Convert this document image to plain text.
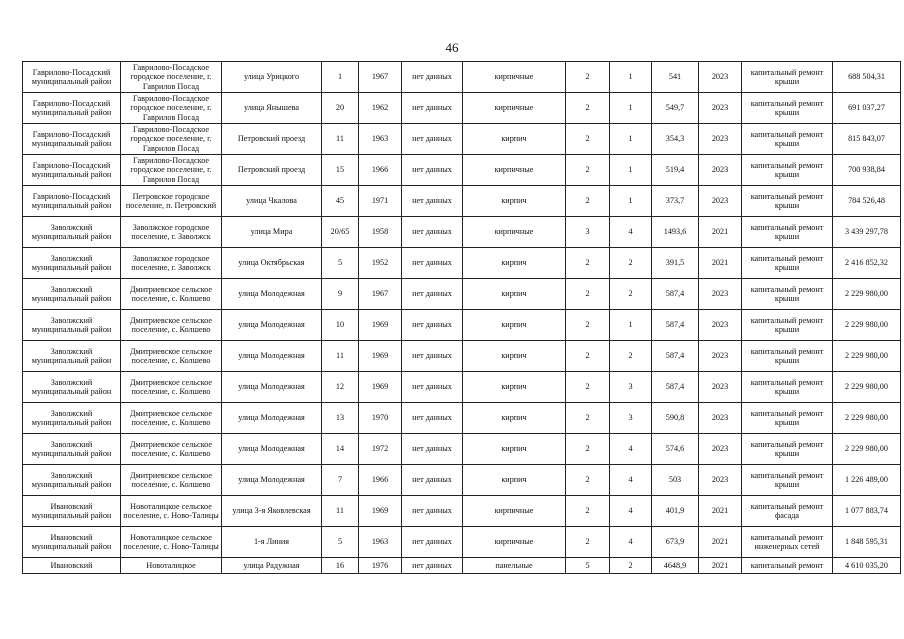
46
Гаврилово-Посадский муниципальный район	Гаврилово-Посадское городское поселение, г. Гаврилов Посад	улица Урицкого	1	1967	нет данных	кирпичные	2	1	541	2023	капитальный ремонт крыши	688 504,31
Гаврилово-Посадский муниципальный район	Гаврилово-Посадское городское поселение, г. Гаврилов Посад	улица Янышева	20	1962	нет данных	кирпичные	2	1	549,7	2023	капитальный ремонт крыши	691 037,27
Гаврилово-Посадский муниципальный район	Гаврилово-Посадское городское поселение, г. Гаврилов Посад	Петровский проезд	11	1963	нет данных	кирпич	2	1	354,3	2023	капитальный ремонт крыши	815 843,07
Гаврилово-Посадский муниципальный район	Гаврилово-Посадское городское поселение, г. Гаврилов Посад	Петровский проезд	15	1966	нет данных	кирпичные	2	1	519,4	2023	капитальный ремонт крыши	700 938,84
Гаврилово-Посадский муниципальный район	Петровское городское поселение, п. Петровский	улица Чкалова	45	1971	нет данных	кирпич	2	1	373,7	2023	капитальный ремонт крыши	784 526,48
Заволжский муниципальный район	Заволжское городское поселение, г. Заволжск	улица Мира	20/65	1958	нет данных	кирпичные	3	4	1493,6	2021	капитальный ремонт крыши	3 439 297,78
Заволжский муниципальный район	Заволжское городское поселение, г. Заволжск	улица Октябрьская	5	1952	нет данных	кирпич	2	2	391,5	2021	капитальный ремонт крыши	2 416 852,32
Заволжский муниципальный район	Дмитриевское сельское поселение, с. Колшево	улица Молодежная	9	1967	нет данных	кирпич	2	2	587,4	2023	капитальный ремонт крыши	2 229 980,00
Заволжский муниципальный район	Дмитриевское сельское поселение, с. Колшево	улица Молодежная	10	1969	нет данных	кирпич	2	1	587,4	2023	капитальный ремонт крыши	2 229 980,00
Заволжский муниципальный район	Дмитриевское сельское поселение, с. Колшево	улица Молодежная	11	1969	нет данных	кирпич	2	2	587,4	2023	капитальный ремонт крыши	2 229 980,00
Заволжский муниципальный район	Дмитриевское сельское поселение, с. Колшево	улица Молодежная	12	1969	нет данных	кирпич	2	3	587,4	2023	капитальный ремонт крыши	2 229 980,00
Заволжский муниципальный район	Дмитриевское сельское поселение, с. Колшево	улица Молодежная	13	1970	нет данных	кирпич	2	3	590,8	2023	капитальный ремонт крыши	2 229 980,00
Заволжский муниципальный район	Дмитриевское сельское поселение, с. Колшево	улица Молодежная	14	1972	нет данных	кирпич	2	4	574,6	2023	капитальный ремонт крыши	2 229 980,00
Заволжский муниципальный район	Дмитриевское сельское поселение, с. Колшево	улица Молодежная	7	1966	нет данных	кирпич	2	4	503	2023	капитальный ремонт крыши	1 226 489,00
Ивановский муниципальный район	Новоталицкое сельское поселение, с. Ново-Талицы	улица 3-я Яковлевская	11	1969	нет данных	кирпичные	2	4	401,9	2021	капитальный ремонт фасада	1 077 883,74
Ивановский муниципальный район	Новоталицкое сельское поселение, с. Ново-Талицы	1-я Линия	5	1963	нет данных	кирпичные	2	4	673,9	2021	капитальный ремонт инженерных сетей	1 848 595,31
Ивановский	Новоталицкое	улица Радужная	16	1976	нет данных	панельные	5	2	4648,9	2021	капитальный ремонт	4 610 035,20
